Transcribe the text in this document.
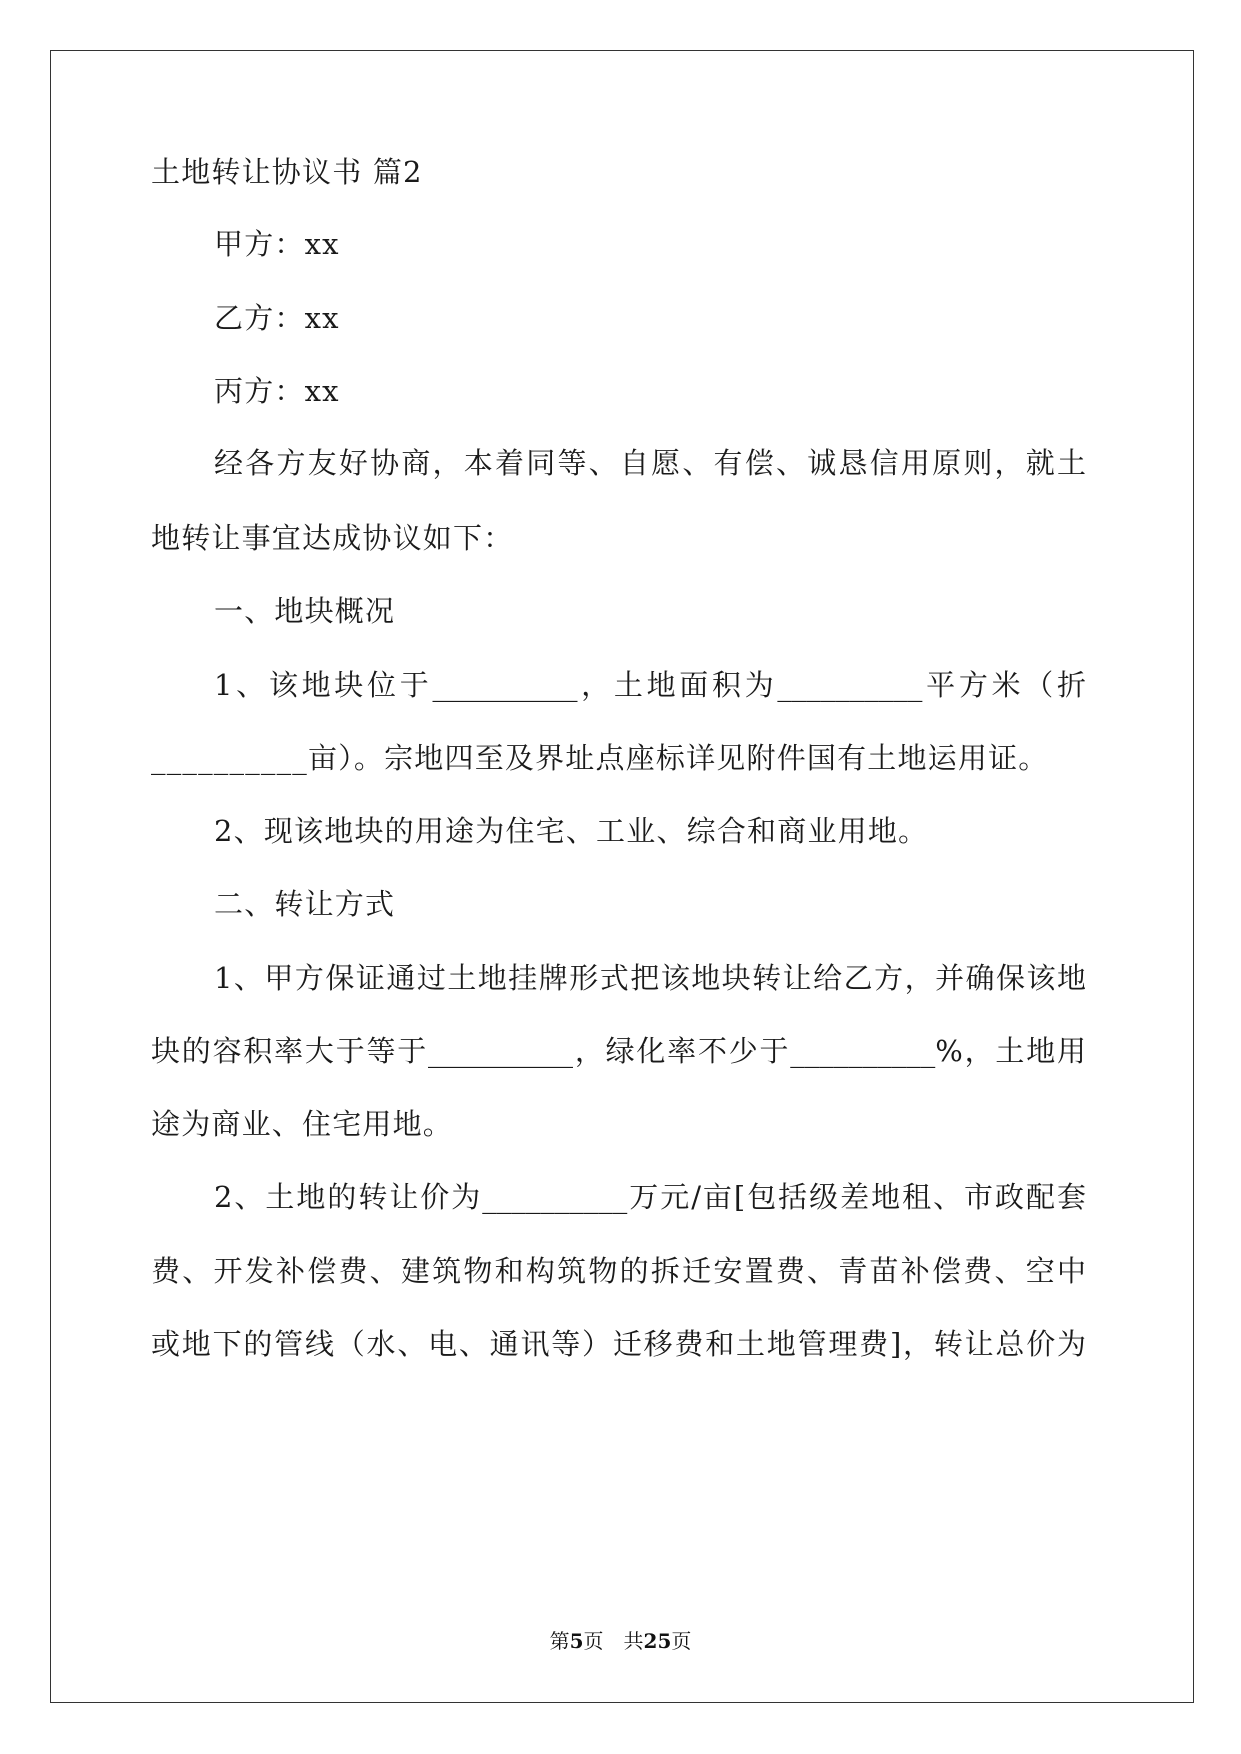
土地转让协议书 篇2
甲方：xx
乙方：xx
丙方：xx
经各方友好协商，本着同等、自愿、有偿、诚恳信用原则，就土
地转让事宜达成协议如下：
一、地块概况
1、该地块位于__________，土地面积为__________平方米（折
__________亩）。宗地四至及界址点座标详见附件国有土地运用证。
2、现该地块的用途为住宅、工业、综合和商业用地。
二、转让方式
1、甲方保证通过土地挂牌形式把该地块转让给乙方，并确保该地
块的容积率大于等于__________，绿化率不少于__________%，土地用
途为商业、住宅用地。
2、土地的转让价为__________万元/亩[包括级差地租、市政配套
费、开发补偿费、建筑物和构筑物的拆迁安置费、青苗补偿费、空中
或地下的管线（水、电、通讯等）迁移费和土地管理费]，转让总价为
第5页　共25页
